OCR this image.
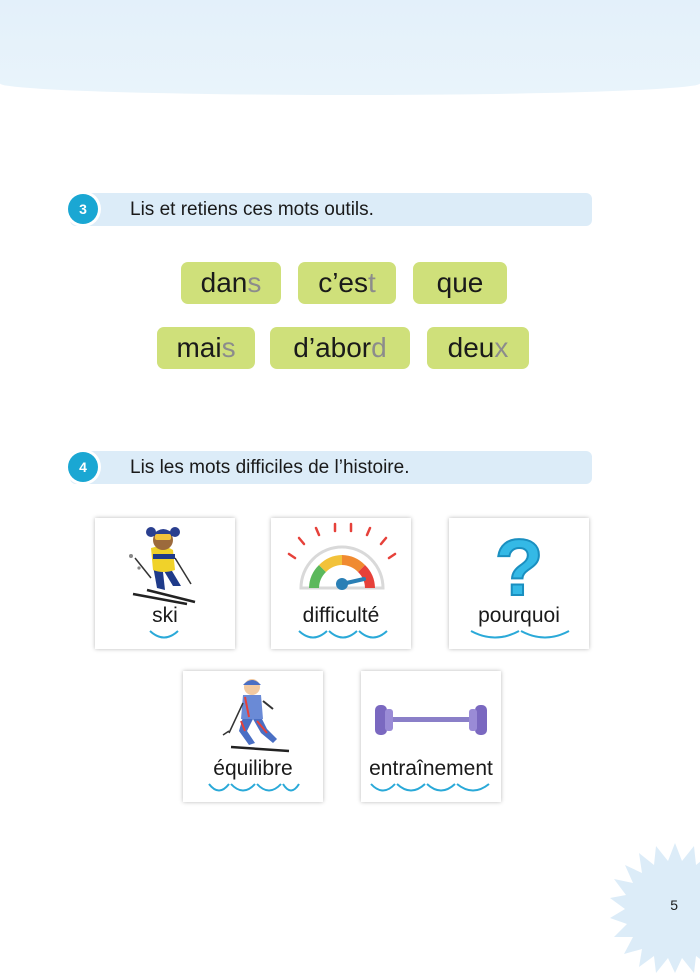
3	Lis et retiens ces mots outils.
dans	c’est	que
mais	d’abord	deux
4	Lis les mots difficiles de l’histoire.
ski	difficulté
?
pourquoi
équilibre	entraînement
5
